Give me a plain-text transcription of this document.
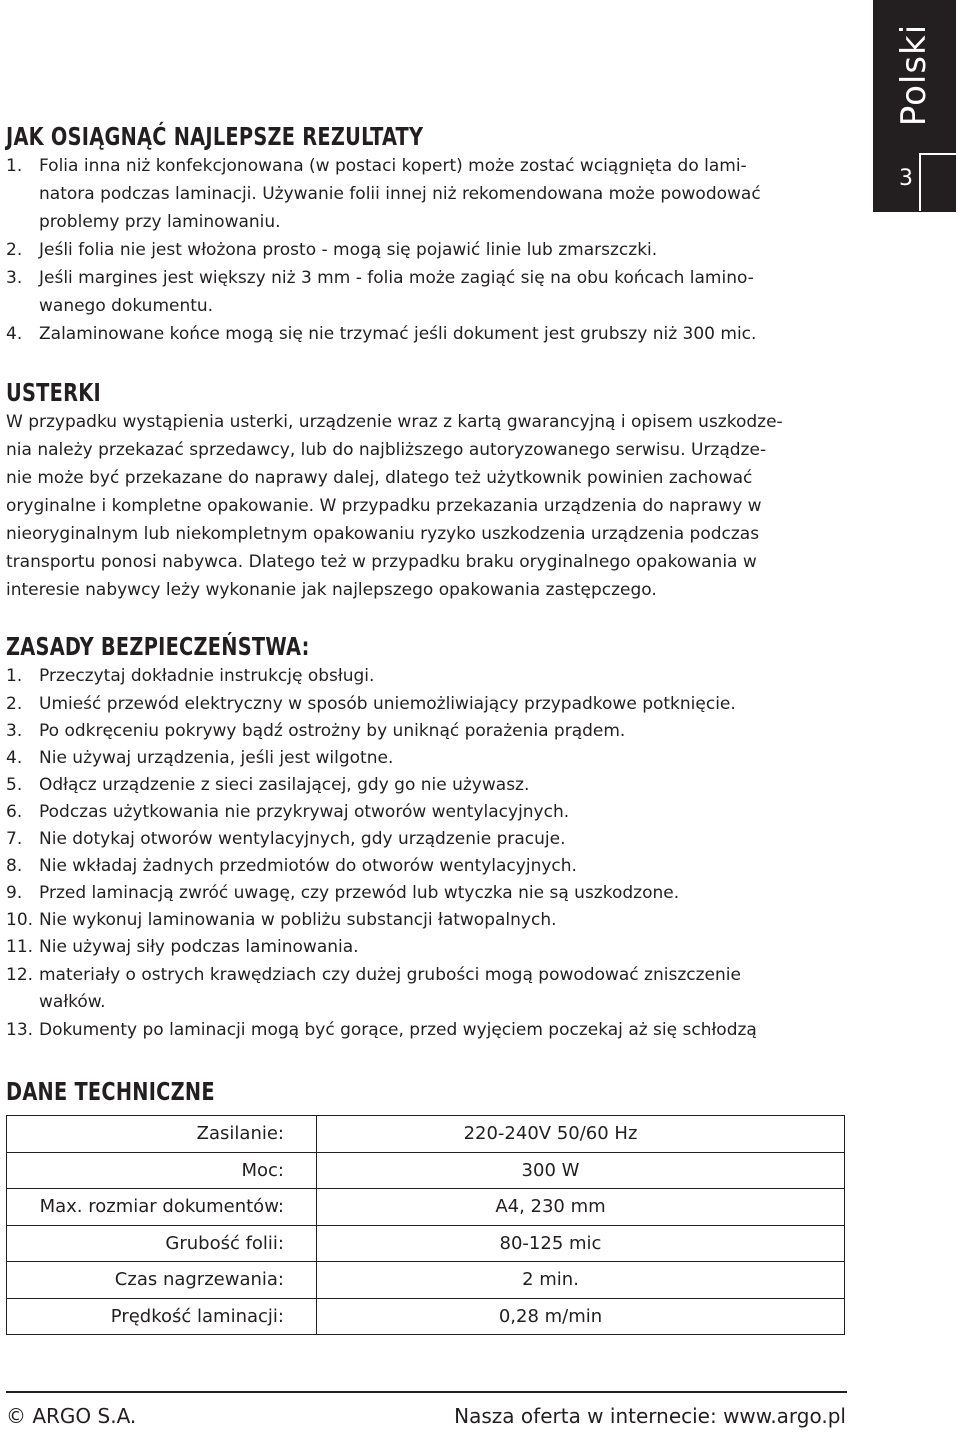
Polski
3
JAK OSIĄGNĄĆ NAJLEPSZE REZULTATY
1. Folia inna niż konfekcjonowana (w postaci kopert) może zostać wciągnięta do lami-
natora podczas laminacji. Używanie folii innej niż rekomendowana może powodować
problemy przy laminowaniu.
2. Jeśli folia nie jest włożona prosto - mogą się pojawić linie lub zmarszczki.
3. Jeśli margines jest większy niż 3 mm - folia może zagiąć się na obu końcach lamino-
wanego dokumentu.
4. Zalaminowane końce mogą się nie trzymać jeśli dokument jest grubszy niż 300 mic.
USTERKI
W przypadku wystąpienia usterki, urządzenie wraz z kartą gwarancyjną i opisem uszkodze-
nia należy przekazać sprzedawcy, lub do najbliższego autoryzowanego serwisu. Urządze-
nie może być przekazane do naprawy dalej, dlatego też użytkownik powinien zachować
oryginalne i kompletne opakowanie. W przypadku przekazania urządzenia do naprawy w
nieoryginalnym lub niekompletnym opakowaniu ryzyko uszkodzenia urządzenia podczas
transportu ponosi nabywca. Dlatego też w przypadku braku oryginalnego opakowania w
interesie nabywcy leży wykonanie jak najlepszego opakowania zastępczego.
ZASADY BEZPIECZEŃSTWA:
1. Przeczytaj dokładnie instrukcję obsługi.
2. Umieść przewód elektryczny w sposób uniemożliwiający przypadkowe potknięcie.
3. Po odkręceniu pokrywy bądź ostrożny by uniknąć porażenia prądem.
4. Nie używaj urządzenia, jeśli jest wilgotne.
5. Odłącz urządzenie z sieci zasilającej, gdy go nie używasz.
6. Podczas użytkowania nie przykrywaj otworów wentylacyjnych.
7. Nie dotykaj otworów wentylacyjnych, gdy urządzenie pracuje.
8. Nie wkładaj żadnych przedmiotów do otworów wentylacyjnych.
9. Przed laminacją zwróć uwagę, czy przewód lub wtyczka nie są uszkodzone.
10. Nie wykonuj laminowania w pobliżu substancji łatwopalnych.
11. Nie używaj siły podczas laminowania.
12. materiały o ostrych krawędziach czy dużej grubości mogą powodować zniszczenie
wałków.
13. Dokumenty po laminacji mogą być gorące, przed wyjęciem poczekaj aż się schłodzą
DANE TECHNICZNE
Zasilanie:	220-240V 50/60 Hz
Moc:	300 W
Max. rozmiar dokumentów:	A4, 230 mm
Grubość folii:	80-125 mic
Czas nagrzewania:	2 min.
Prędkość laminacji:	0,28 m/min
© ARGO S.A.	Nasza oferta w internecie: www.argo.pl
